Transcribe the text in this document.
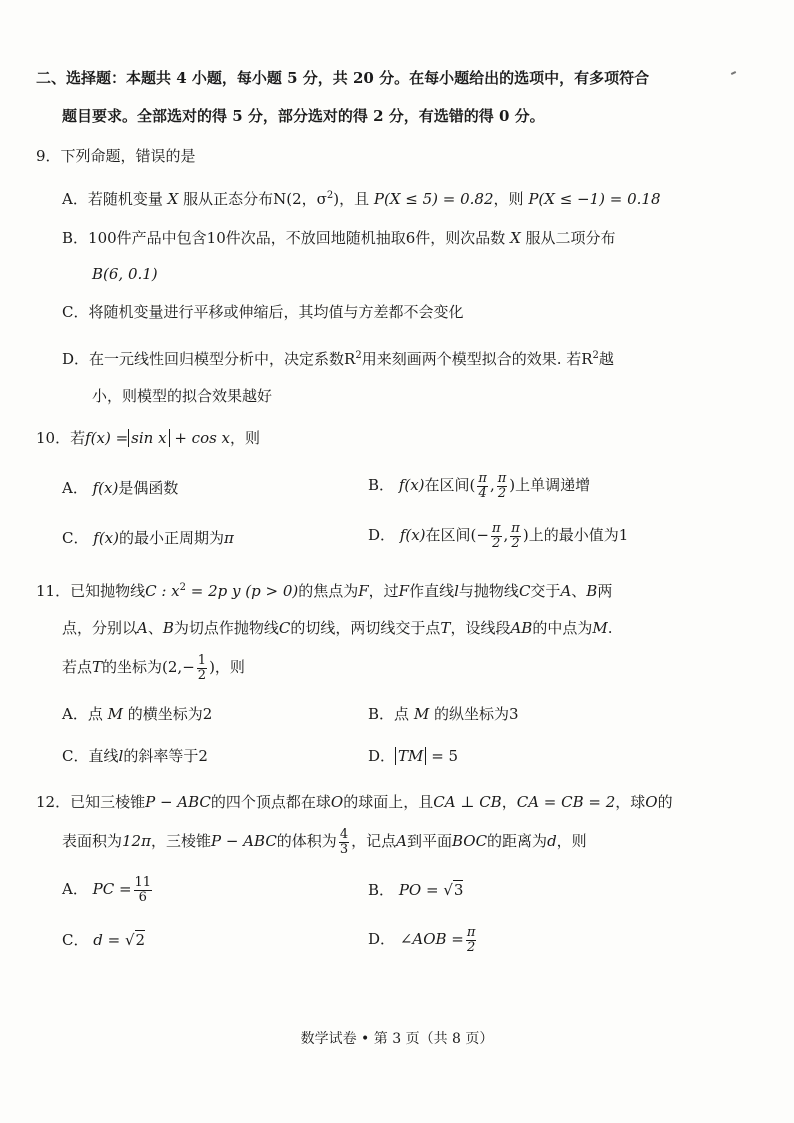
二、选择题：本题共 4 小题，每小题 5 分，共 20 分。在每小题给出的选项中，有多项符合
题目要求。全部选对的得 5 分，部分选对的得 2 分，有选错的得 0 分。
9．下列命题，错误的是
A．若随机变量 X 服从正态分布N(2，$\sigma^2$)，且 P(X ≤ 5) = 0.82，则 P(X ≤ −1) = 0.18
B．100件产品中包含10件次品，不放回地随机抽取6件，则次品数 X 服从二项分布
B(6, 0.1)
C．将随机变量进行平移或伸缩后，其均值与方差都不会变化
D．在一元线性回归模型分析中，决定系数$R^2$用来刻画两个模型拟合的效果. 若$R^2$越
小，则模型的拟合效果越好
10．若f(x) = sin x + cos x，则
A． f(x)是偶函数	B． f(x)在区间( $\frac{\pi}{4}$ , $\frac{\pi}{2}$ )上单调递增
C． f(x)的最小正周期为π	D． f(x)在区间(− $\frac{\pi}{2}$ , $\frac{\pi}{2}$ )上的最小值为1
11．已知抛物线C : $x^2 = 2p$ y (p > 0)的焦点为F，过F作直线l与抛物线C交于A、B两
点，分别以A、B为切点作抛物线C的切线，两切线交于点T，设线段AB的中点为M.
若点T的坐标为($2,- \frac{1}{2}$ )，则
A．点 M 的横坐标为2	B．点 M 的纵坐标为3
C．直线l的斜率等于2	D． TM = 5
12．已知三棱锥P − ABC的四个顶点都在球O的球面上，且CA ⊥ CB，CA = CB = 2，球O的
表面积为12π，三棱锥P − ABC的体积为 $\frac{4}{3}$ ，记点A到平面BOC的距离为d，则
A． PC = $\frac{11}{6}$	B． PO = √3
C． d = √2	D． ∠AOB = $\frac{\pi}{2}$
数学试卷 • 第 3 页（共 8 页）
